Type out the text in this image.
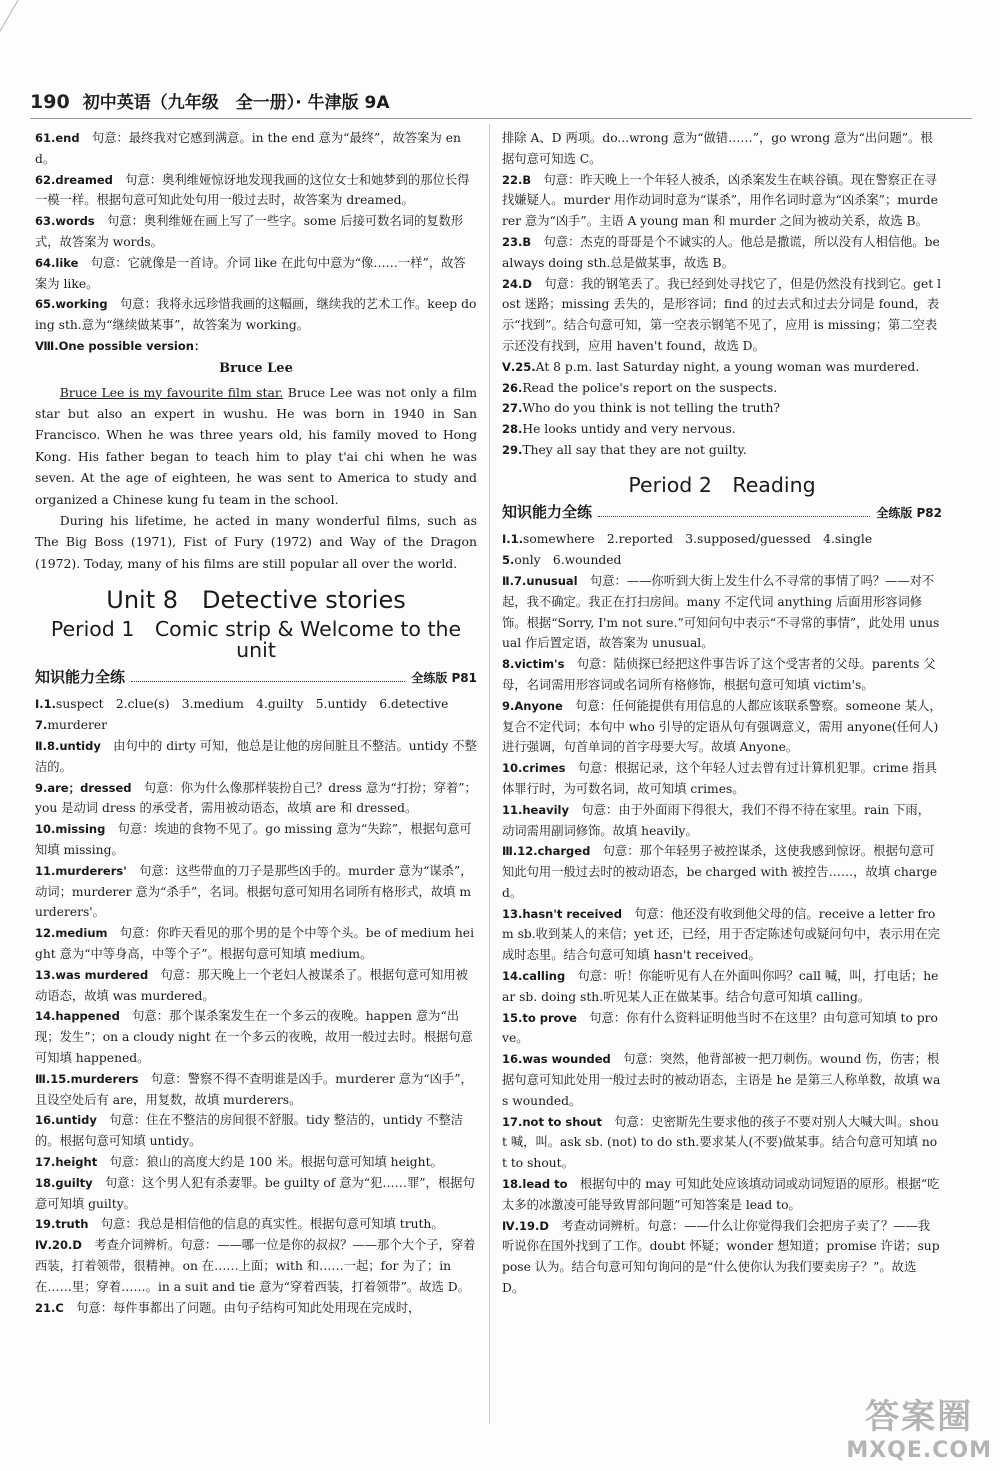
190 初中英语（九年级　全一册）· 牛津版 9A
61.end　句意：最终我对它感到满意。in the end 意为“最终”，故答案为 end。
62.dreamed　句意：奥利维娅惊讶地发现我画的这位女士和她梦到的那位长得一模一样。根据句意可知此处句用一般过去时，故答案为 dreamed。
63.words　句意：奥利维娅在画上写了一些字。some 后接可数名词的复数形式，故答案为 words。
64.like　句意：它就像是一首诗。介词 like 在此句中意为“像……一样”，故答案为 like。
65.working　句意：我将永远珍惜我画的这幅画，继续我的艺术工作。keep doing sth.意为“继续做某事”，故答案为 working。
Ⅷ.One possible version：
Bruce Lee
Bruce Lee is my favourite film star. Bruce Lee was not only a film star but also an expert in wushu. He was born in 1940 in San Francisco. When he was three years old, his family moved to Hong Kong. His father began to teach him to play t'ai chi when he was seven. At the age of eighteen, he was sent to America to study and organized a Chinese kung fu team in the school.
During his lifetime, he acted in many wonderful films, such as The Big Boss (1971), Fist of Fury (1972) and Way of the Dragon (1972). Today, many of his films are still popular all over the world.
Unit 8　Detective stories
Period 1　Comic strip & Welcome to the unit
知识能力全练	全练版 P81
Ⅰ.1.suspect　2.clue(s)　3.medium　4.guilty　5.untidy　6.detective
7.murderer
Ⅱ.8.untidy　由句中的 dirty 可知，他总是让他的房间脏且不整洁。untidy 不整洁的。
9.are；dressed　句意：你为什么像那样装扮自己？dress 意为“打扮；穿着”；you 是动词 dress 的承受者，需用被动语态，故填 are 和 dressed。
10.missing　句意：埃迪的食物不见了。go missing 意为“失踪”，根据句意可知填 missing。
11.murderers'　句意：这些带血的刀子是那些凶手的。murder 意为“谋杀”，动词；murderer 意为“杀手”，名词。根据句意可知用名词所有格形式，故填 murderers'。
12.medium　句意：你昨天看见的那个男的是个中等个头。be of medium height 意为“中等身高，中等个子”。根据句意可知填 medium。
13.was murdered　句意：那天晚上一个老妇人被谋杀了。根据句意可知用被动语态，故填 was murdered。
14.happened　句意：那个谋杀案发生在一个多云的夜晚。happen 意为“出现；发生”；on a cloudy night 在一个多云的夜晚，故用一般过去时。根据句意可知填 happened。
Ⅲ.15.murderers　句意：警察不得不查明谁是凶手。murderer 意为“凶手”，且设空处后有 are，用复数，故填 murderers。
16.untidy　句意：住在不整洁的房间很不舒服。tidy 整洁的，untidy 不整洁的。根据句意可知填 untidy。
17.height　句意：狼山的高度大约是 100 米。根据句意可知填 height。
18.guilty　句意：这个男人犯有杀妻罪。be guilty of 意为“犯……罪”，根据句意可知填 guilty。
19.truth　句意：我总是相信他的信息的真实性。根据句意可知填 truth。
Ⅳ.20.D　考查介词辨析。句意：——哪一位是你的叔叔？——那个大个子，穿着西装，打着领带，很精神。on 在……上面；with 和……一起；for 为了；in 在……里；穿着……。in a suit and tie 意为“穿着西装，打着领带”。故选 D。
21.C　句意：每件事都出了问题。由句子结构可知此处用现在完成时，
排除 A、D 两项。do...wrong 意为“做错……”，go wrong 意为“出问题”。根据句意可知选 C。
22.B　句意：昨天晚上一个年轻人被杀，凶杀案发生在峡谷镇。现在警察正在寻找嫌疑人。murder 用作动词时意为“谋杀”，用作名词时意为“凶杀案”；murderer 意为“凶手”。主语 A young man 和 murder 之间为被动关系，故选 B。
23.B　句意：杰克的哥哥是个不诚实的人。他总是撒谎，所以没有人相信他。be always doing sth.总是做某事，故选 B。
24.D　句意：我的钢笔丢了。我已经到处寻找它了，但是仍然没有找到它。get lost 迷路；missing 丢失的，是形容词；find 的过去式和过去分词是 found，表示“找到”。结合句意可知，第一空表示钢笔不见了，应用 is missing；第二空表示还没有找到，应用 haven't found，故选 D。
Ⅴ.25.At 8 p.m. last Saturday night, a young woman was murdered.
26.Read the police's report on the suspects.
27.Who do you think is not telling the truth?
28.He looks untidy and very nervous.
29.They all say that they are not guilty.
Period 2　Reading
知识能力全练	全练版 P82
Ⅰ.1.somewhere　2.reported　3.supposed/guessed　4.single
5.only　6.wounded
Ⅱ.7.unusual　句意：——你听到大街上发生什么不寻常的事情了吗？——对不起，我不确定。我正在打扫房间。many 不定代词 anything 后面用形容词修饰。根据“Sorry, I'm not sure.”可知问句中表示“不寻常的事情”，此处用 unusual 作后置定语，故答案为 unusual。
8.victim's　句意：陆侦探已经把这件事告诉了这个受害者的父母。parents 父母，名词需用形容词或名词所有格修饰，根据句意可知填 victim's。
9.Anyone　句意：任何能提供有用信息的人都应该联系警察。someone 某人，复合不定代词；本句中 who 引导的定语从句有强调意义，需用 anyone(任何人)进行强调，句首单词的首字母要大写。故填 Anyone。
10.crimes　句意：根据记录，这个年轻人过去曾有过计算机犯罪。crime 指具体罪行时，为可数名词，故可知填 crimes。
11.heavily　句意：由于外面雨下得很大，我们不得不待在家里。rain 下雨，动词需用副词修饰。故填 heavily。
Ⅲ.12.charged　句意：那个年轻男子被控谋杀，这使我感到惊讶。根据句意可知此句用一般过去时的被动语态，be charged with 被控告……，故填 charged。
13.hasn't received　句意：他还没有收到他父母的信。receive a letter from sb.收到某人的来信；yet 还，已经，用于否定陈述句或疑问句中，表示用在完成时态里。结合句意可知填 hasn't received。
14.calling　句意：听！你能听见有人在外面叫你吗？call 喊，叫，打电话；hear sb. doing sth.听见某人正在做某事。结合句意可知填 calling。
15.to prove　句意：你有什么资料证明他当时不在这里？由句意可知填 to prove。
16.was wounded　句意：突然，他背部被一把刀刺伤。wound 伤，伤害；根据句意可知此处用一般过去时的被动语态，主语是 he 是第三人称单数，故填 was wounded。
17.not to shout　句意：史密斯先生要求他的孩子不要对别人大喊大叫。shout 喊，叫。ask sb. (not) to do sth.要求某人(不要)做某事。结合句意可知填 not to shout。
18.lead to　根据句中的 may 可知此处应该填动词或动词短语的原形。根据“吃太多的冰激凌可能导致胃部问题”可知答案是 lead to。
Ⅳ.19.D　考查动词辨析。句意：——什么让你觉得我们会把房子卖了？——我听说你在国外找到了工作。doubt 怀疑；wonder 想知道；promise 许诺；suppose 认为。结合句意可知句询问的是“什么使你认为我们要卖房子？”。故选 D。
答案圈
MXQE.COM
